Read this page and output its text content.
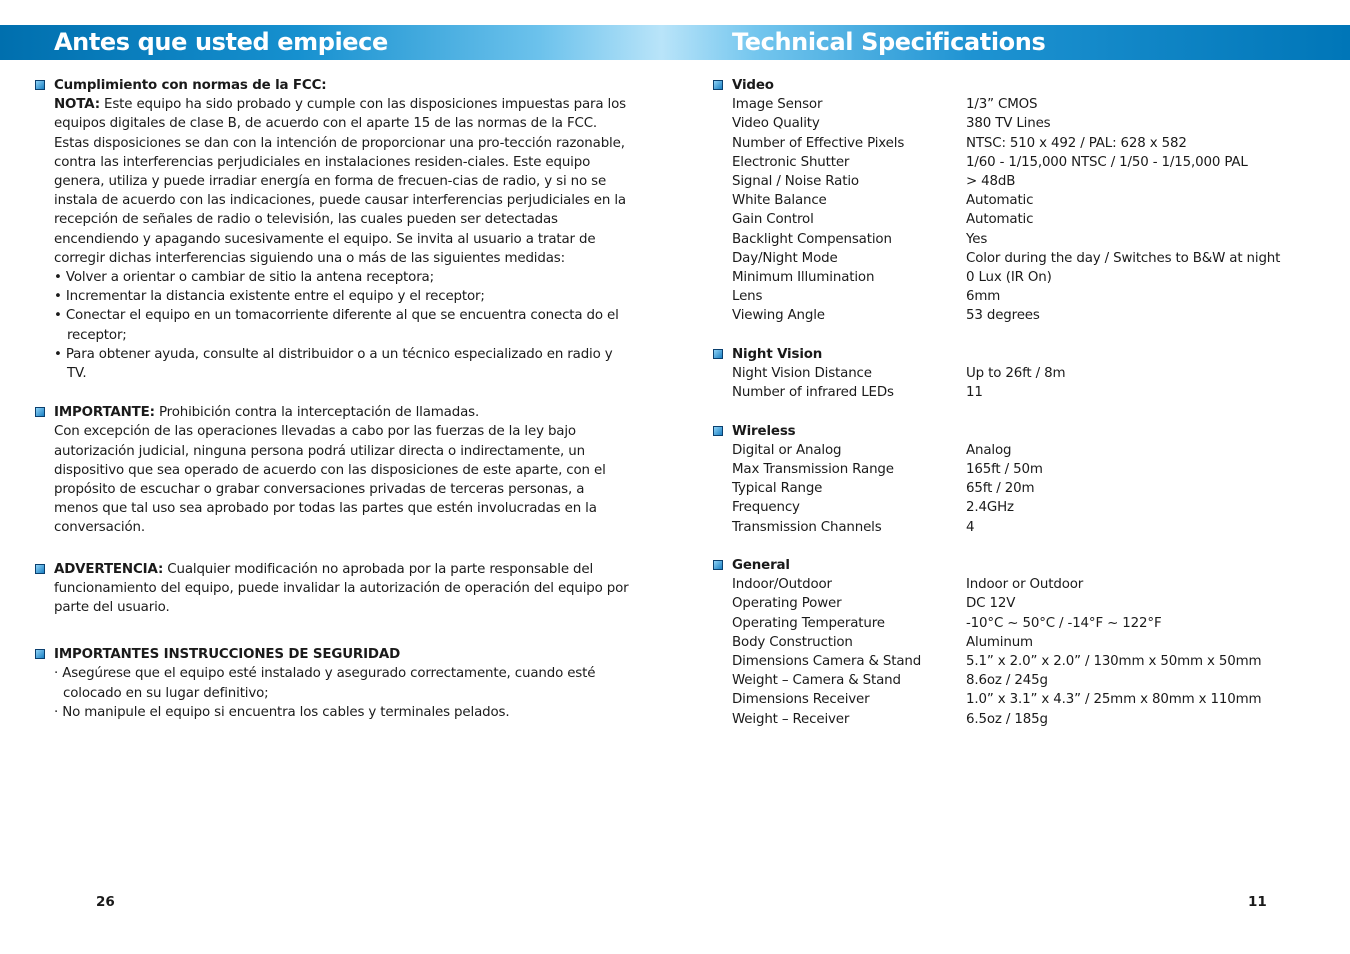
Antes que usted empiece	Technical Specifications
Cumplimiento con normas de la FCC:

NOTA: Este equipo ha sido probado y cumple con las disposiciones impuestas para los equipos digitales de clase B, de acuerdo con el aparte 15 de las normas de la FCC. Estas disposiciones se dan con la intención de proporcionar una pro-tección razonable, contra las interferencias perjudiciales en instalaciones residen-ciales. Este equipo genera, utiliza y puede irradiar energía en forma de frecuen-cias de radio, y si no se instala de acuerdo con las indicaciones, puede causar interferencias perjudiciales en la recepción de señales de radio o televisión, las cuales pueden ser detectadas encendiendo y apagando sucesivamente el equipo. Se invita al usuario a tratar de corregir dichas interferencias siguiendo una o más de las siguientes medidas:

• Volver a orientar o cambiar de sitio la antena receptora;

• Incrementar la distancia existente entre el equipo y el receptor;

• Conectar el equipo en un tomacorriente diferente al que se encuentra conecta do el receptor;

• Para obtener ayuda, consulte al distribuidor o a un técnico especializado en radio y TV.

IMPORTANTE: Prohibición contra la interceptación de llamadas.

Con excepción de las operaciones llevadas a cabo por las fuerzas de la ley bajo autorización judicial, ninguna persona podrá utilizar directa o indirectamente, un dispositivo que sea operado de acuerdo con las disposiciones de este aparte, con el propósito de escuchar o grabar conversaciones privadas de terceras personas, a menos que tal uso sea aprobado por todas las partes que estén involucradas en la conversación.

ADVERTENCIA: Cualquier modificación no aprobada por la parte responsable del funcionamiento del equipo, puede invalidar la autorización de operación del equipo por parte del usuario.

IMPORTANTES INSTRUCCIONES DE SEGURIDAD

· Asegúrese que el equipo esté instalado y asegurado correctamente, cuando esté colocado en su lugar definitivo;

· No manipule el equipo si encuentra los cables y terminales pelados.

Video
Image Sensor	1/3” CMOS
Video Quality	380 TV Lines
Number of Effective Pixels	NTSC: 510 x 492 / PAL: 628 x 582
Electronic Shutter	1/60 - 1/15,000 NTSC / 1/50 - 1/15,000 PAL
Signal / Noise Ratio	> 48dB
White Balance	Automatic
Gain Control	Automatic
Backlight Compensation	Yes
Day/Night Mode	Color during the day / Switches to B&W at night
Minimum Illumination	0 Lux (IR On)
Lens	6mm
Viewing Angle	53 degrees
Night Vision
Night Vision Distance	Up to 26ft / 8m
Number of infrared LEDs	11
Wireless
Digital or Analog	Analog
Max Transmission Range	165ft / 50m
Typical Range	65ft / 20m
Frequency	2.4GHz
Transmission Channels	4
General
Indoor/Outdoor	Indoor or Outdoor
Operating Power	DC 12V
Operating Temperature	-10°C ~ 50°C / -14°F ~ 122°F
Body Construction	Aluminum
Dimensions Camera & Stand	5.1” x 2.0” x 2.0” / 130mm x 50mm x 50mm
Weight – Camera & Stand	8.6oz / 245g
Dimensions Receiver	1.0” x 3.1” x 4.3” / 25mm x 80mm x 110mm
Weight – Receiver	6.5oz / 185g
26	11
